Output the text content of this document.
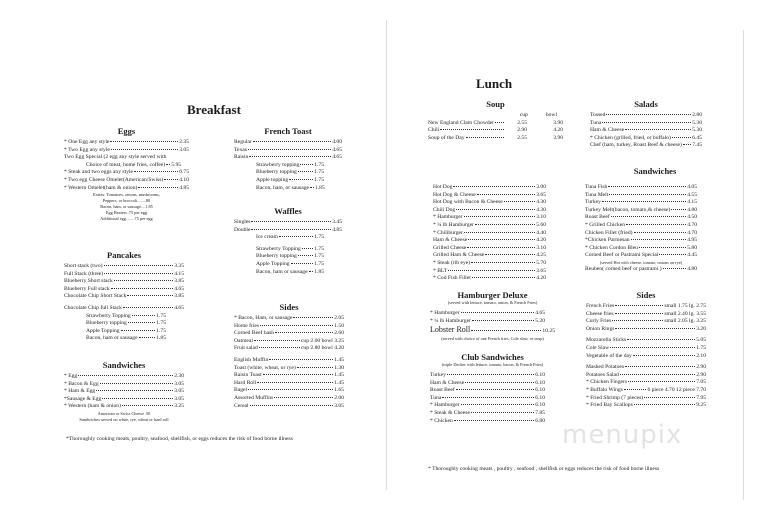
Breakfast
Lunch
Eggs
* One Egg any style	2.35
* Two Egg any style	3.05
Two Egg Special (2 egg any style served with
Choice of meat, home fries, coffee) 5.95
* Steak and two eggs any style	6.75
* Two egg Cheese Omelet(American/Swiss)	4.10
* Western Omelet(ham & onion)	4.85
Extras: Tomatoes, onions, mushrooms,
Peppers, or broccoli........80
Bacon, ham, or sausage....1.85
Egg Beaters .75 per egg
Additional egg........75 per egg
French Toast
Regular	4.00
Texas	4.65
Raisin	4.65
Strawberry topping	1.75
Blueberry topping	1.75
Apple topping	1.75
Bacon, ham, or sausage 1.85
Pancakes
Short stack (two)	3.35
Full Stack (three)	4.15
Blueberry Short stack	3.85
Blueberry Full stack	4.65
Chocolate Chip Short Stack	3.85
Chocolate Chip full Stack	4.65
Strawberry Topping	1.75
Blueberry topping	1.75
Apple Topping	1.75
Bacon, ham or sausage	1.85
Sandwiches
* Egg	2.30
* Bacon & Egg	3.05
* Ham & Egg	3.05
*Sausage & Egg	3.05
* Western (ham & onion)	3.25
American or Swiss Cheese .50
Sandwiches served on white, rye, wheat or hard roll
Waffles
Singles	3.45
Double	4.85
Ice cream	1.75
Strawberry Topping 1.75
Blueberry topping	1.75
Apple Topping	1.75
Bacon, ham or sausage 1.85
Sides
* Bacon, Ham, or sausage	2.05
Home fries	1.50
Corned Beef hash	2.60
Oatmeal	cup 2.00 bowl 3.25
Fruit salad	cup 2.80 bowl 4.20
English Muffin	1.45
Toast (white, wheat, or rye)	1.30
Raisin Toast	1.45
Hard Roll	1.45
Bagel	1.65
Assorted Muffins	2.00
Cereal	3.05
*Thoroughly cooking meats, poultry, seafood, shellfish, or eggs reduces the risk of food borne illness
Soup
cup	bowl
New England Clam Chowder	2.55	3.90
Chili	2.90	4.20
Soup of the Day	2.55	3.90
Salads
Tossed	2.80
Tuna	5.30
Ham & Cheese	5.30
* Chicken (grilled, fried, or buffalo)	6.45
Chef (ham, turkey, Roast Beef & cheese) 7.45
Sandwiches
Hot Dog	3.00
Hot Dog & Cheese	3.65
Hot Dog with Bacon & Cheese	4.30
Chili Dog	4.30
* Hamburger	3.10
* ¼ lb Hamburger	5.60
* Chiliburger	4.40
Ham & Cheese	4.20
Grilled Cheese	3.10
Grilled Ham & Cheese	4.25
* Steak (rib eye)	5.70
* BLT	3.65
* Cod Fish Fillet	4.20
Tuna Fish	4.05
Tuna Melt	4.55
Turkey	4.15
Turkey Melt(bacon, tomato,& cheese)	4.80
Roast Beef	4.50
* Grilled Chicken	4.70
Chicken Fillet (fried)	4.70
*Chicken Parmesan	4.95
* Chicken Cordon Bleu	5.80
Corned Beef or Pastrami Special	4.45
(served Hot with cheese, tomato, onions on rye)
Reuben( corned beef or pastrami )	4.80
Hamburger Deluxe
(served with lettuce, tomato, onion, & French Fries)
* Hamburger	4.65
* ¼ lb Hamburger	5.20
Lobster Roll	10.25
(served with choice of one French fries, Cole slaw, or soup)
Club Sandwiches
(triple Decker with lettuce, tomato, bacon, & French Fries)
Turkey	6.10
Ham & Cheese	6.10
Roast Beef	6.10
Tuna	6.10
* Hamburger	6.10
* Steak & Cheese	7.85
* Chicken	6.80
Sides
French Fries	small 1.75 lg. 2.75
Cheese fries	small 2.40 lg. 3.55
Curly Fries	small 2.05 lg. 3.25
Onion Rings	3.20
Mozzarella Sticks	5.05
Cole Slaw	1.75
Vegetable of the day	2.10
Mashed Potatoes	2.90
Potatoes Salad	2.90
* Chicken Fingers	7.05
* Buffalo Wings	6 piece 4.70 12 piece 7.70
* Fried Shrimp (7 pieces)	7.95
* Fried Bay Scallops	9.25
menupix
* Thoroughly cooking meats , poultry , seafood , shellfish or eggs reduces the risk of food borne illness
